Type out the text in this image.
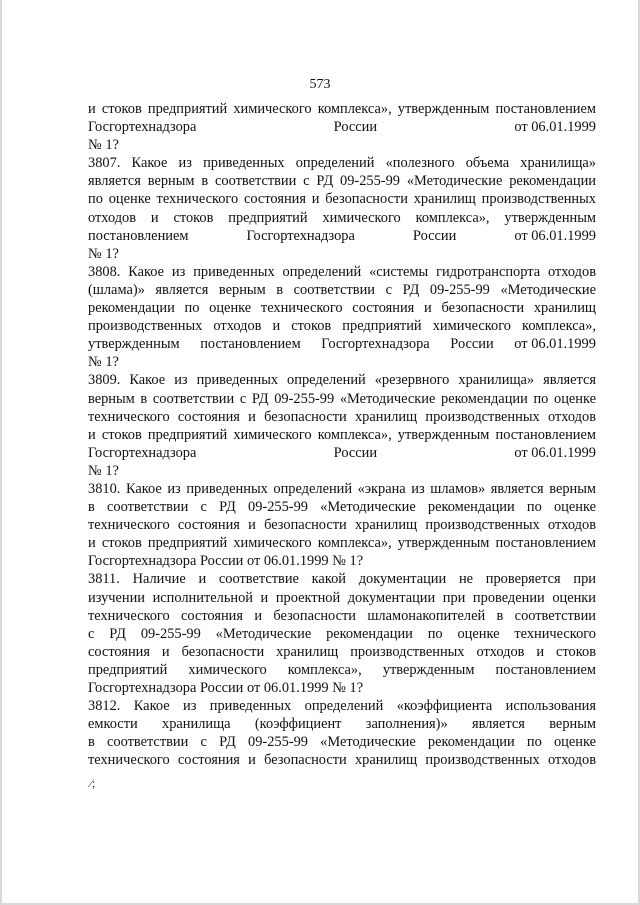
573
и стоков предприятий химического комплекса», утвержденным постановлением
Госгортехнадзора	России	от 06.01.1999
№ 1?
3807. Какое из приведенных определений «полезного объема хранилища»
является верным в соответствии с РД 09-255-99 «Методические рекомендации
по оценке технического состояния и безопасности хранилищ производственных
отходов и стоков предприятий химического комплекса», утвержденным
постановлением	Госгортехнадзора	России	от 06.01.1999
№ 1?
3808. Какое из приведенных определений «системы гидротранспорта отходов
(шлама)» является верным в соответствии с РД 09-255-99 «Методические
рекомендации по оценке технического состояния и безопасности хранилищ
производственных отходов и стоков предприятий химического комплекса»,
утвержденным постановлением Госгортехнадзора России от 06.01.1999
№ 1?
3809. Какое из приведенных определений «резервного хранилища» является
верным в соответствии с РД 09-255-99 «Методические рекомендации по оценке
технического состояния и безопасности хранилищ производственных отходов
и стоков предприятий химического комплекса», утвержденным постановлением
Госгортехнадзора	России	от 06.01.1999
№ 1?
3810. Какое из приведенных определений «экрана из шламов» является верным
в соответствии с РД 09-255-99 «Методические рекомендации по оценке
технического состояния и безопасности хранилищ производственных отходов
и стоков предприятий химического комплекса», утвержденным постановлением
Госгортехнадзора России от 06.01.1999 № 1?
3811. Наличие и соответствие какой документации не проверяется при
изучении исполнительной и проектной документации при проведении оценки
технического состояния и безопасности шламонакопителей в соответствии
с РД 09-255-99 «Методические рекомендации по оценке технического
состояния и безопасности хранилищ производственных отходов и стоков
предприятий химического комплекса», утвержденным постановлением
Госгортехнадзора России от 06.01.1999 № 1?
3812. Какое из приведенных определений «коэффициента использования
емкости хранилища (коэффициент заполнения)» является верным
в соответствии с РД 09-255-99 «Методические рекомендации по оценке
технического состояния и безопасности хранилищ производственных отходов
⁄;
